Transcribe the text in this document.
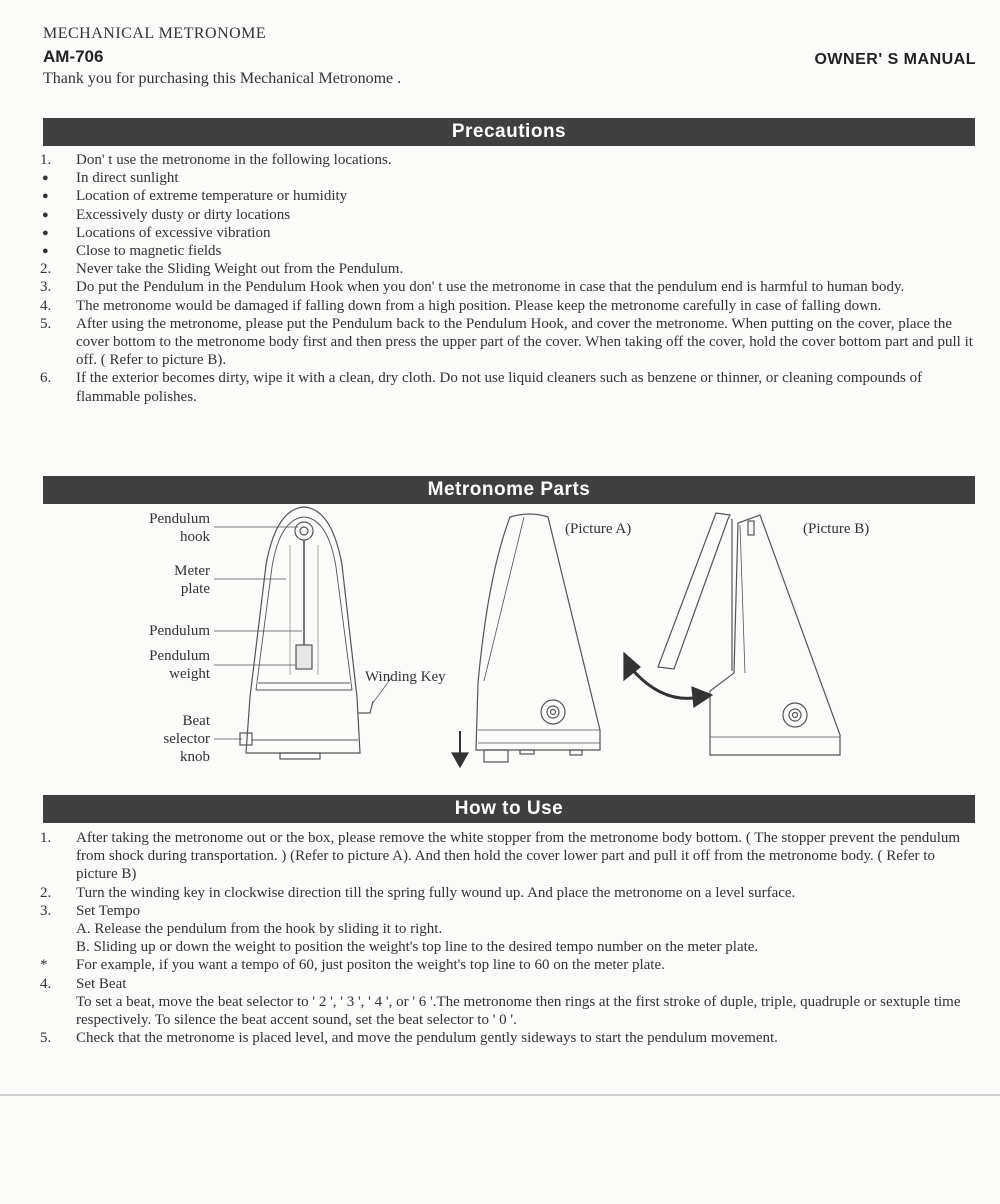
MECHANICAL METRONOME
AM-706
Thank you for purchasing this Mechanical Metronome .
OWNER' S MANUAL
Precautions
1.	Don' t use the metronome in the following locations.
●	In direct sunlight
●	Location of extreme temperature or humidity
●	Excessively dusty or dirty locations
●	Locations of excessive vibration
●	Close to magnetic fields
2.	Never take the Sliding Weight out from the Pendulum.
3.	Do put the Pendulum in the Pendulum Hook when you don' t use the metronome in case that the pendulum end is harmful to human body.
4.	The metronome would be damaged if falling down from a high position. Please keep the metronome carefully in case of falling down.
5.	After using the metronome, please put the Pendulum back to the Pendulum Hook, and cover the metronome. When putting on the cover, place the cover bottom to the metronome body first and then press the upper part of the cover. When taking off the cover, hold the cover bottom part and pull it off. ( Refer to picture B).
6.	If the exterior becomes dirty, wipe it with a clean, dry cloth. Do not use liquid cleaners such as benzene or thinner, or cleaning compounds of flammable polishes.
Metronome Parts
Pendulum
hook
Meter
plate
Pendulum
Pendulum
weight
Beat
selector
knob
Winding Key
(Picture A)	(Picture B)
How to Use
1.	After taking the metronome out or the box, please remove the white stopper from the metronome body bottom. ( The stopper prevent the pendulum from shock during transportation. ) (Refer to picture A). And then hold the cover lower part and pull it off from the metronome body. ( Refer to picture B)
2.	Turn the winding key in clockwise direction till the spring fully wound up. And place the metronome on a level surface.
3.	Set Tempo
A. Release the pendulum from the hook by sliding it to right.
B. Sliding up or down the weight to position the weight's top line to the desired tempo number on the meter plate.
*	For example, if you want a tempo of 60, just positon the weight's top line to 60 on the meter plate.
4.	Set Beat
To set a beat, move the beat selector to ' 2 ', ' 3 ', ' 4 ', or ' 6 '.The metronome then rings at the first stroke of duple, triple, quadruple or sextuple time respectively. To silence the beat accent sound, set the beat selector to ' 0 '.
5.	Check that the metronome is placed level, and move the pendulum gently sideways to start the pendulum movement.
